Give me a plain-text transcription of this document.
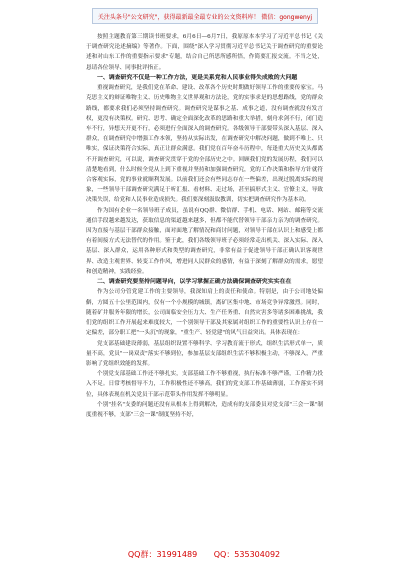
关注头条号"公文研究"，获得最新最全最专业的公文资料库！ 微信：gongwenyj

按照主题教育第三期读书班要求，6月6日—6月7日，我原原本本学习了习近平总书记《关于调查研究论述摘编》等著作。下面，围绕"深入学习贯彻习近平总书记关于调查研究的重要论述和对山东工作的重要指示要求"专题，结合自己所思所感所悟，作简要汇报交流。不当之处，恳请各位领导、同事批评指正。

一、调查研究不仅是一种工作方法，更是关系党和人民事业得失成败的大问题

重视调查研究，是我们党在革命、建设、改革各个历史时期做好领导工作的重要传家宝。马克思主义的辩证唯物主义、历史唯物主义世界观和方法论，党的实事求是的思想路线，党的群众路线，都要求我们必须坚持调查研究。调查研究是谋事之基、成事之道，没有调查就没有发言权，更没有决策权。研究、思考、确定全面深化改革的思路和重大举措，刻舟求剑不行，闭门造车不行，异想天开更不行，必须进行全面深入的调查研究。各级领导干部要带头深入基层、深入群众，在调查研究中增强工作本领，坚持从实际出发，在调查研究中解决问题，做到不唯上、只唯实，保证决策符合实际，真正让群众满意。我们党在百年奋斗历程中，每逢重大历史关头都离不开调查研究，可以说，调查研究贯穿于党的全部历史之中。回顾我们党的发展历程，我们可以清楚地看到，什么时候全党从上到下重视并坚持和加强调查研究，党的工作决策和指导方针就符合客观实际，党的事业就顺利发展。以前我们还会有些同志存在一些偏差，出现过脱离实际的现象，一些领导干部调查研究满足于听汇报、看材料、走过场，甚至搞形式主义、官僚主义，导致决策失误，给党和人民事业造成损失。我们要深刻汲取教训，切实把调查研究作为基本功。

作为国有企业一名领导班子成员，虽说有QQ群、微信群、手机、电话、网站、邮箱等交流通信手段越来越发达，获取信息的渠道越来越多，但都不能代替领导干部亲力亲为的调查研究。因为直接与基层干部群众接触，面对面地了解情况和商讨问题，对领导干部在认识上和感受上都有着间接方式无法替代的作用。鉴于此，我们各级领导班子必须经常走出机关、深入实际、深入基层、深入群众，运用各种形式和类型的调查研究，非常有益于促进领导干部正确认识客观世界、改造主观世界、转变工作作风，增进同人民群众的感情，有益于深刻了解群众的需求，愿望和创造精神，实践经验。

二、调查研究要坚持问题导向，以学习掌握正确方法确保调查研究实实在在

作为公司分管党建工作的主要领导，我深知肩上的责任和使命。特别是，由于公司地处偏僻，方圆五十公里范围内，仅有一个小规模的城镇，离矿区集中地、市场竞争异常激烈。同时，随着矿井服务年限的增长，公司面临安全压力大、生产任务重、自然灾害多等诸多困难挑战，我们党的组织工作开展起来难度较大，一个别领导干部及其家属对组织工作的重要性认识上存在一定偏差，部分职工把"一头沉"的现象，"重生产、轻党建"的风气日益突出。具体表现在：

党支部基础建设薄弱，基层组织设置不够科学、学习教育流于形式，组织生活形式单一，质量不高，党员"一岗双责"落实不够到位，参加基层支部组织生活不够积极主动，不够深入，严重影响了党组织效能的发挥。

个别党支部基础工作还不够扎实，支部基础工作不够重视，执行标准不够严谨，工作精力投入不足。日常考核督导不力，工作积极性还不够高，我们的党支部工作基础薄弱，工作落实不到位，具体表现在机关党员干部示范带头作用发挥不够明显。

个别"挂名"支委的问题还没有从根本上得到解决，造成有的支部委员对党支部"三会一课"制度重视不够，支部"三会一课"制度坚持不好，

QQ群：31991489 QQ：535304092
